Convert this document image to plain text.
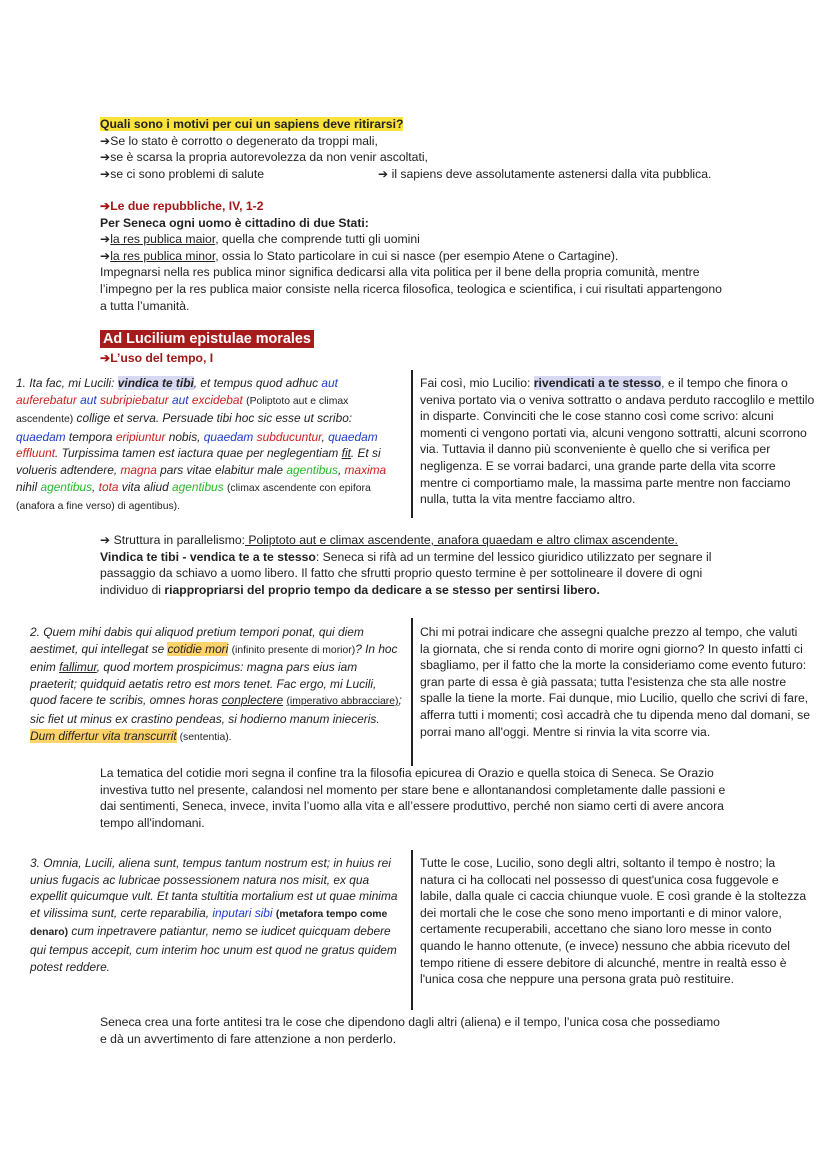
Quali sono i motivi per cui un sapiens deve ritirarsi?

➔Se lo stato è corrotto o degenerato da troppi mali,

➔se è scarsa la propria autorevolezza da non venir ascoltati,

➔se ci sono problemi di salute	➔ il sapiens deve assolutamente astenersi dalla vita pubblica.

➔Le due repubbliche, IV, 1-2

Per Seneca ogni uomo è cittadino di due Stati:

➔la res publica maior, quella che comprende tutti gli uomini

➔la res publica minor, ossia lo Stato particolare in cui si nasce (per esempio Atene o Cartagine).

Impegnarsi nella res publica minor significa dedicarsi alla vita politica per il bene della propria comunità, mentre l’impegno per la res publica maior consiste nella ricerca filosofica, teologica e scientifica, i cui risultati appartengono a tutta l’umanità.

Ad Lucilium epistulae morales
➔L’uso del tempo, I
1. Ita fac, mi Lucili: vindica te tibi, et tempus quod adhuc aut
auferebatur aut subripiebatur aut excidebat (Poliptoto aut e climax ascendente) collige et serva. Persuade tibi hoc sic esse ut scribo: quaedam tempora eripiuntur nobis, quaedam subducuntur, quaedam effluunt. Turpissima tamen est iactura quae per neglegentiam fit. Et si volueris adtendere, magna pars vitae elabitur male agentibus, maxima nihil agentibus, tota vita aliud agentibus (climax ascendente con epifora (anafora a fine verso) di agentibus).
Fai così, mio Lucilio: rivendicati a te stesso, e il tempo che finora o veniva portato via o veniva sottratto o andava perduto raccoglilo e mettilo in disparte. Convinciti che le cose stanno così come scrivo: alcuni momenti ci vengono portati via, alcuni vengono sottratti, alcuni scorrono via. Tuttavia il danno più sconveniente è quello che si verifica per negligenza. E se vorrai badarci, una grande parte della vita scorre mentre ci comportiamo male, la massima parte mentre non facciamo nulla, tutta la vita mentre facciamo altro.

➔ Struttura in parallelismo: Poliptoto aut e climax ascendente, anafora quaedam e altro climax ascendente.

Vindica te tibi - vendica te a te stesso: Seneca si rifà ad un termine del lessico giuridico utilizzato per segnare il passaggio da schiavo a uomo libero. Il fatto che sfrutti proprio questo termine è per sottolineare il dovere di ogni individuo di riappropriarsi del proprio tempo da dedicare a se stesso per sentirsi libero.

2. Quem mihi dabis qui aliquod pretium tempori ponat, qui diem aestimet, qui intellegat se cotidie mori (infinito presente di morior)? In hoc enim fallimur, quod mortem prospicimus: magna pars eius iam praeterit; quidquid aetatis retro est mors tenet. Fac ergo, mi Lucili, quod facere te scribis, omnes horas conplectere (imperativo abbracciare); sic fiet ut minus ex crastino pendeas, si hodierno manum inieceris. Dum differtur vita transcurrit (sententia).
Chi mi potrai indicare che assegni qualche prezzo al tempo, che valuti la giornata, che si renda conto di morire ogni giorno? In questo infatti ci sbagliamo, per il fatto che la morte la consideriamo come evento futuro: gran parte di essa è già passata; tutta l'esistenza che sta alle nostre spalle la tiene la morte. Fai dunque, mio Lucilio, quello che scrivi di fare, afferra tutti i momenti; così accadrà che tu dipenda meno dal domani, se porrai mano all'oggi. Mentre si rinvia la vita scorre via.
La tematica del cotidie mori segna il confine tra la filosofia epicurea di Orazio e quella stoica di Seneca. Se Orazio investiva tutto nel presente, calandosi nel momento per stare bene e allontanandosi completamente dalle passioni e dai sentimenti, Seneca, invece, invita l’uomo alla vita e all’essere produttivo, perché non siamo certi di avere ancora tempo all'indomani.
3. Omnia, Lucili, aliena sunt, tempus tantum nostrum est; in huius rei unius fugacis ac lubricae possessionem natura nos misit, ex qua expellit quicumque vult. Et tanta stultitia mortalium est ut quae minima et vilissima sunt, certe reparabilia, inputari sibi (metafora tempo come denaro) cum inpetravere patiantur, nemo se iudicet quicquam debere qui tempus accepit, cum interim hoc unum est quod ne gratus quidem potest reddere.
Tutte le cose, Lucilio, sono degli altri, soltanto il tempo è nostro; la natura ci ha collocati nel possesso di quest'unica cosa fuggevole e labile, dalla quale ci caccia chiunque vuole. E così grande è la stoltezza dei mortali che le cose che sono meno importanti e di minor valore, certamente recuperabili, accettano che siano loro messe in conto quando le hanno ottenute, (e invece) nessuno che abbia ricevuto del tempo ritiene di essere debitore di alcunché, mentre in realtà esso è l'unica cosa che neppure una persona grata può restituire.
Seneca crea una forte antitesi tra le cose che dipendono dagli altri (aliena) e il tempo, l’unica cosa che possediamo e dà un avvertimento di fare attenzione a non perderlo.
